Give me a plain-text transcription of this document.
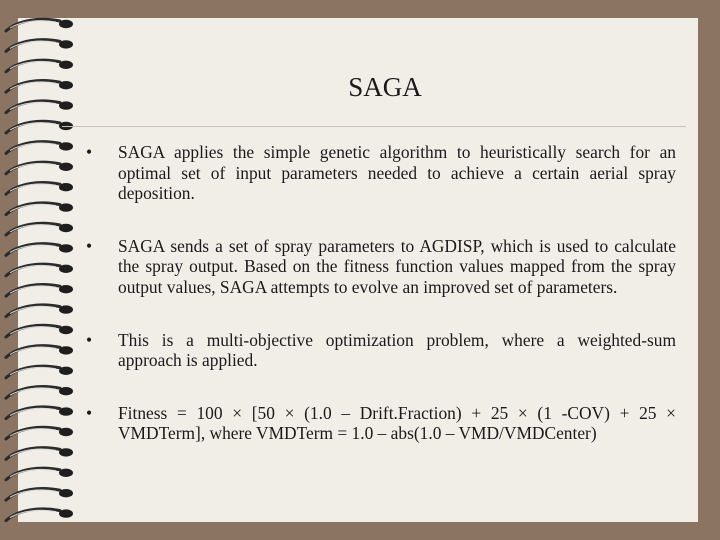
SAGA
• SAGA applies the simple genetic algorithm to heuristically search for an optimal set of input parameters needed to achieve a certain aerial spray deposition.
• SAGA sends a set of spray parameters to AGDISP, which is used to calculate the spray output. Based on the fitness function values mapped from the spray output values, SAGA attempts to evolve an improved set of parameters.
• This is a multi-objective optimization problem, where a weighted-sum approach is applied.
• Fitness = 100 × [50 × (1.0 – Drift.Fraction) + 25 × (1 -COV) + 25 × VMDTerm], where VMDTerm = 1.0 – abs(1.0 – VMD/VMDCenter)
